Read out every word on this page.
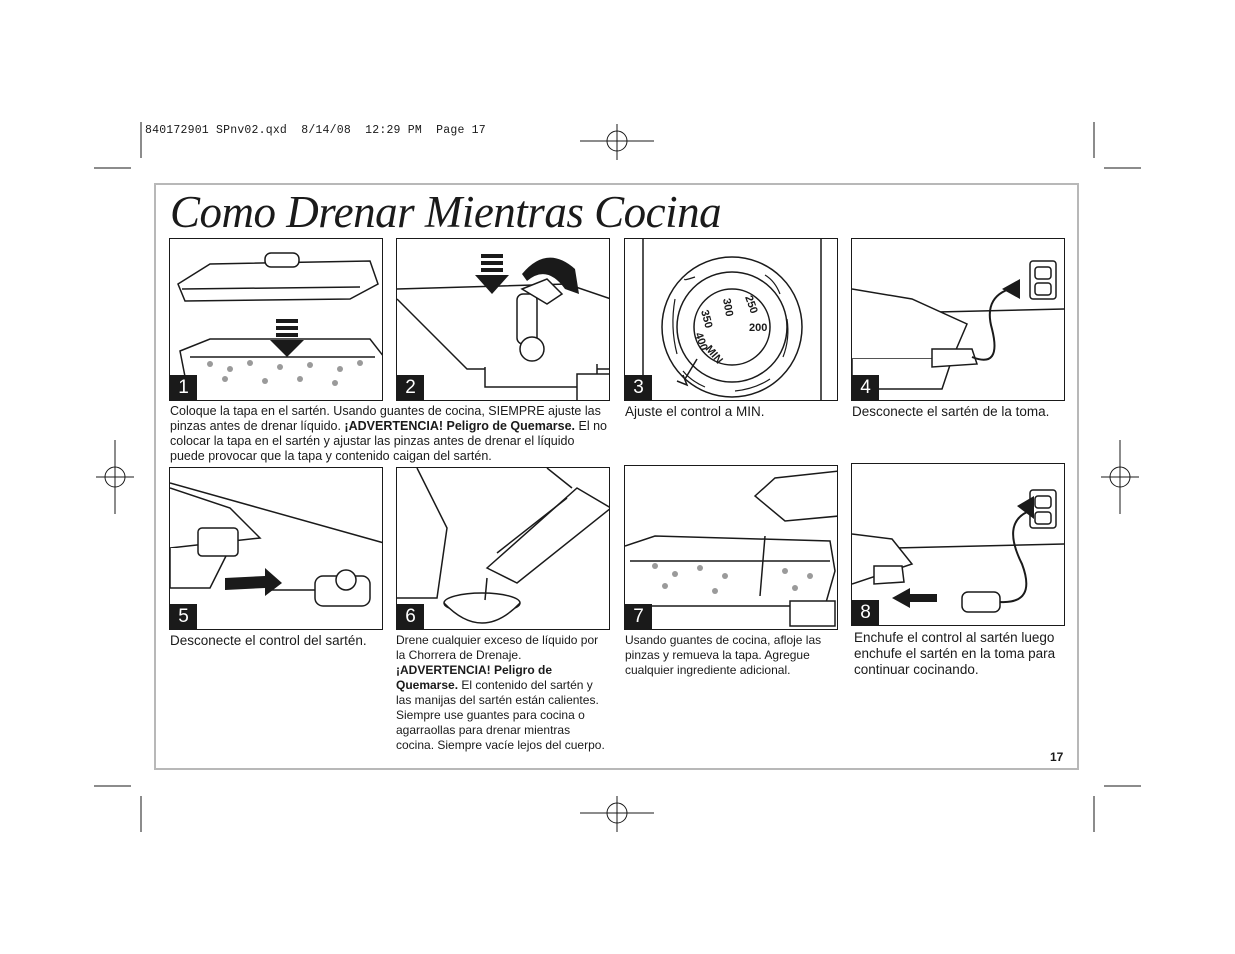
840172901 SPnv02.qxd  8/14/08  12:29 PM  Page 17
Como Drenar Mientras Cocina
1	2
Coloque la tapa en el sartén. Usando guantes de cocina, SIEMPRE ajuste las pinzas antes de drenar líquido. ¡ADVERTENCIA! Peligro de Quemarse. El no colocar la tapa en el sartén y ajustar las pinzas antes de drenar el líquido puede provocar que la tapa y contenido caigan del sartén.
MIN
400
350
300 250
200
3
Ajuste el control a MIN.
4
Desconecte el sartén de la toma.
5
Desconecte el control del sartén.
6
Drene cualquier exceso de líquido por la Chorrera de Drenaje. ¡ADVERTENCIA! Peligro de Quemarse. El contenido del sartén y las manijas del sartén están calientes. Siempre use guantes para cocina o agarraollas para drenar mientras cocina. Siempre vacíe lejos del cuerpo.
7
Usando guantes de cocina, afloje las pinzas y remueva la tapa. Agregue cualquier ingrediente adicional.
8
Enchufe el control al sartén luego enchufe el sartén en la toma para continuar cocinando.
17
